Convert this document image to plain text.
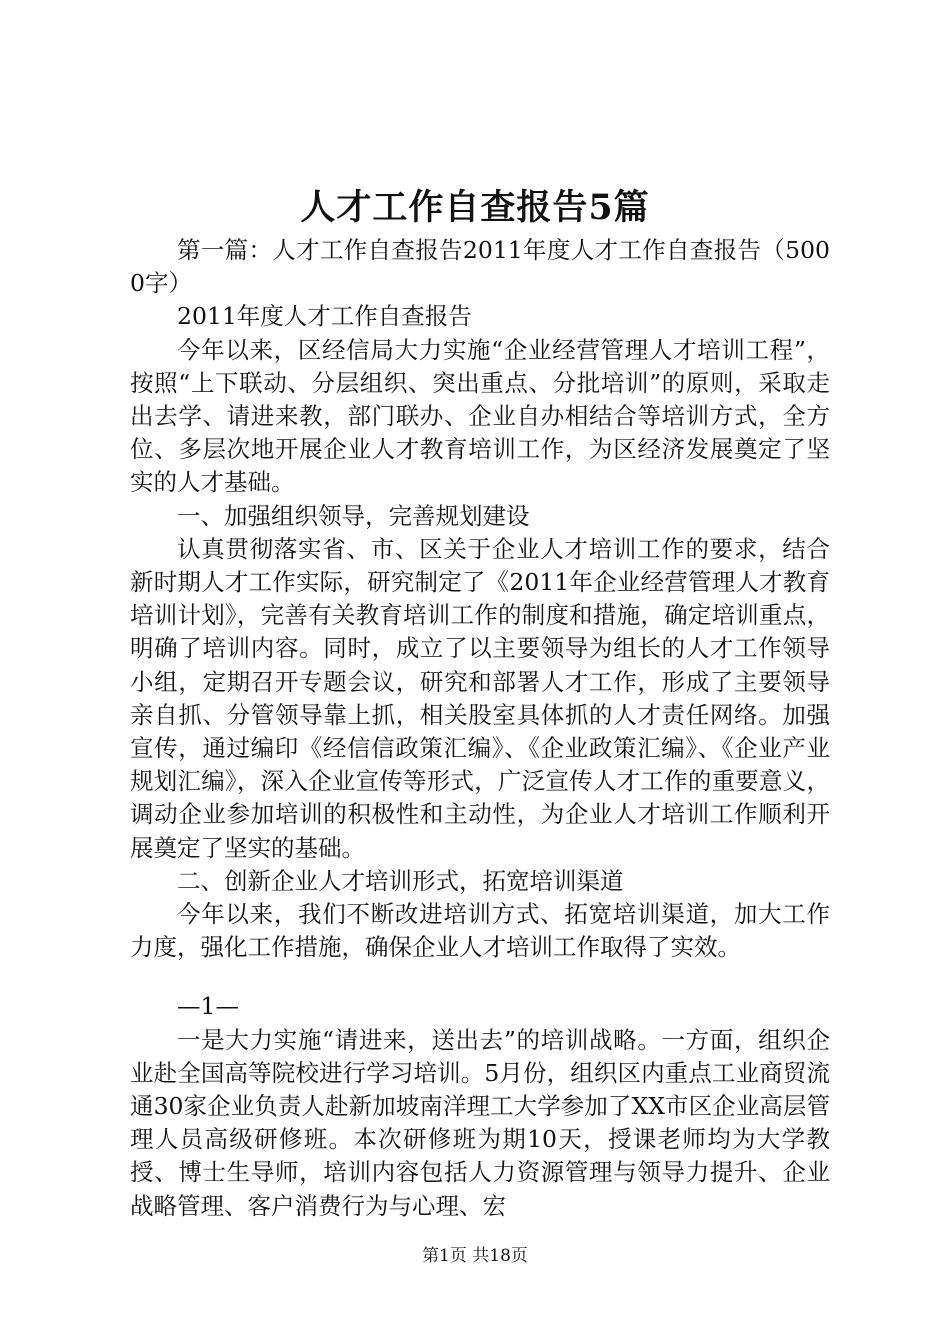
人才工作自查报告5篇

第一篇：人才工作自查报告2011年度人才工作自查报告（5000字）

2011年度人才工作自查报告

今年以来，区经信局大力实施“企业经营管理人才培训工程”，按照“上下联动、分层组织、突出重点、分批培训”的原则，采取走出去学、请进来教，部门联办、企业自办相结合等培训方式，全方位、多层次地开展企业人才教育培训工作，为区经济发展奠定了坚实的人才基础。

一、加强组织领导，完善规划建设

认真贯彻落实省、市、区关于企业人才培训工作的要求，结合新时期人才工作实际，研究制定了《2011年企业经营管理人才教育培训计划》，完善有关教育培训工作的制度和措施，确定培训重点，明确了培训内容。同时，成立了以主要领导为组长的人才工作领导小组，定期召开专题会议，研究和部署人才工作，形成了主要领导亲自抓、分管领导靠上抓，相关股室具体抓的人才责任网络。加强宣传，通过编印《经信信政策汇编》、《企业政策汇编》、《企业产业规划汇编》，深入企业宣传等形式，广泛宣传人才工作的重要意义，调动企业参加培训的积极性和主动性，为企业人才培训工作顺利开展奠定了坚实的基础。

二、创新企业人才培训形式，拓宽培训渠道

今年以来，我们不断改进培训方式、拓宽培训渠道，加大工作力度，强化工作措施，确保企业人才培训工作取得了实效。

—1—

一是大力实施“请进来，送出去”的培训战略。一方面，组织企业赴全国高等院校进行学习培训。5月份，组织区内重点工业商贸流通30家企业负责人赴新加坡南洋理工大学参加了XX市区企业高层管理人员高级研修班。本次研修班为期10天，授课老师均为大学教授、博士生导师，培训内容包括人力资源管理与领导力提升、企业战略管理、客户消费行为与心理、宏

第1页 共18页
